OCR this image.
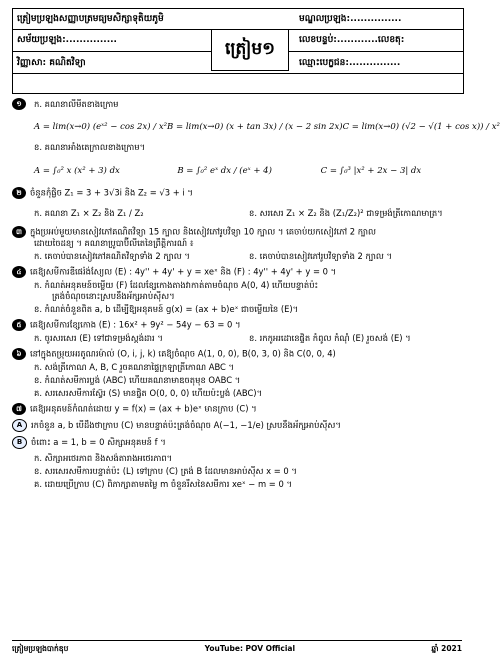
ត្រៀមប្រឡងសញ្ញាបត្រមធ្យមសិក្សាទុតិយភូមិ	មណ្ឌលប្រឡង:...............
សម័យប្រឡង:...............	លេខបន្ទប់:............លេខតុ:
វិញ្ញាសា: គណិតវិទ្យា	ឈ្មោះបេក្ខជន:...............
ត្រៀម១
១	ក. គណនាលីមីតខាងក្រោម
A = lim(x→0) (eˣ² − cos 2x) / x² B = lim(x→0) (x + tan 3x) / (x − 2 sin 2x) C = lim(x→0) (√2 − √(1 + cos x)) / x²
ខ. គណនាអាំងតេក្រាលខាងក្រោម។
A = ∫₀² x (x² + 3) dx	B = ∫₀² eˣ dx / (eˣ + 4)	C = ∫₀³ |x² + 2x − 3| dx
២ ចំនួនកុំផ្លិច Z₁ = 3 + 3√3i និង Z₂ = √3 + i ។
ក. គណនា Z₁ × Z₂ និង Z₁ / Z₂	ខ. សរសេរ Z₁ × Z₂ និង (Z₁/Z₂)² ជាទម្រង់ត្រីកោណមាត្រ។
៣ ក្នុងប្រអប់មួយមានសៀវភៅគណិតវិទ្យា 15 ក្បាល និងសៀវភៅរូបវិទ្យា 10 ក្បាល ។ គេចាប់យកសៀវភៅ 2 ក្បាល
ដោយចៃដន្យ ។ គណនាប្រូបាប៊ីលីតេនៃព្រឹត្តិការណ៍ ៖
ក. គេចាប់បានសៀវភៅគណិតវិទ្យាទាំង 2 ក្បាល ។	ខ. គេចាប់បានសៀវភៅរូបវិទ្យាទាំង 2 ក្បាល ។
៤ គេឱ្យសមីការឌីផេរ៉ង់ស្យែល (E) : 4y'' + 4y' + y = xeˣ និង (F) : 4y'' + 4y' + y = 0 ។
ក. កំណត់អនុគមន៍ចម្លើយ (F) ដែលខ្សែកោងតាងវាកាត់តាមចំណុច A(0, 4) ហើយបន្ទាត់ប៉ះ
ត្រង់ចំណុចនោះស្របនឹងអ័ក្សអាប់ស៊ីស។
ខ. កំណត់ចំនួនពិត a, b ដើម្បីឱ្យអនុគមន៍ g(x) = (ax + b)eˣ ជាចម្លើយនៃ (E)។
៥ គេឱ្យសមីការខ្សែកោង (E) : 16x² + 9y² − 54y − 63 = 0 ។
ក. ចូរសរសេរ (E) ទៅជាទម្រង់ស្តង់ដារ ។	ខ. រកកូអរដោនេផ្ចិត កំពូល កំណុំ (E) រួចសង់ (E) ។
៦ នៅក្នុងតម្រុយអរតូណរម៉ាល់ (O, i, j, k) គេឱ្យចំណុច A(1, 0, 0), B(0, 3, 0) និង C(0, 0, 4)
ក. សង់ត្រីកោណ A, B, C រួចគណនាផ្ទៃក្រឡាត្រីកោណ ABC ។
ខ. កំណត់សមីការប្លង់ (ABC) ហើយគណនាមាឌចតុមុខ OABC ។
គ. សរសេរសមីការស្វ៊ែរ (S) មានផ្ចិត O(0, 0, 0) ហើយប៉ះប្លង់ (ABC)។
៧ គេឱ្យអនុគមន៍កំណត់ដោយ y = f(x) = (ax + b)eˣ មានក្រាប (C) ។
A រកចំនួន a, b បើដឹងថាក្រាប (C) មានបន្ទាត់ប៉ះត្រង់ចំណុច A(−1, −1/e) ស្របនឹងអ័ក្សអាប់ស៊ីស។
B ចំពោះ a = 1, b = 0 សិក្សាអនុគមន៍ f ។
ក. សិក្សាអថេរភាព និងសង់តារាងអថេរភាព។
ខ. សរសេរសមីការបន្ទាត់ប៉ះ (L) ទៅក្រាប (C) ត្រង់ B ដែលមានអាប់ស៊ីស x = 0 ។
គ. ដោយប្រើក្រាប (C) ពិភាក្សាតាមតម្លៃ m ចំនួនរឹសនៃសមីការ xeˣ − m = 0 ។
ត្រៀមប្រឡងបាក់ឌុប	YouTube: POV Official	ឆ្នាំ 2021
